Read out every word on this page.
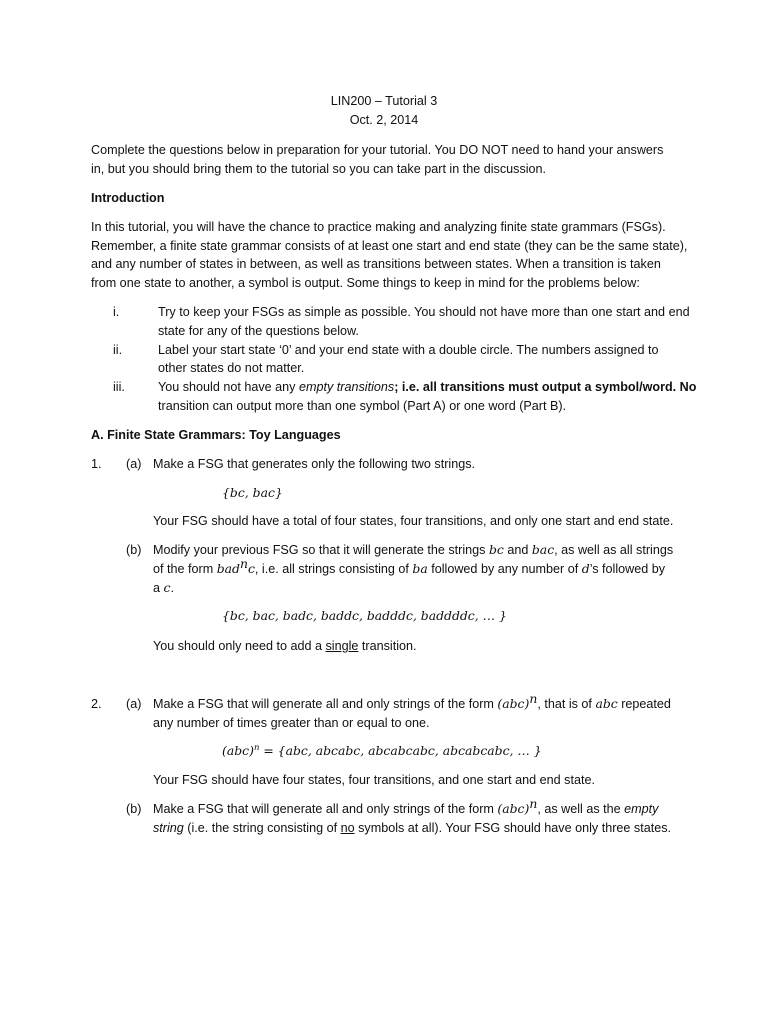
LIN200 – Tutorial 3
Oct. 2, 2014
Complete the questions below in preparation for your tutorial. You DO NOT need to hand your answers
in, but you should bring them to the tutorial so you can take part in the discussion.
Introduction
In this tutorial, you will have the chance to practice making and analyzing finite state grammars (FSGs).
Remember, a finite state grammar consists of at least one start and end state (they can be the same state),
and any number of states in between, as well as transitions between states. When a transition is taken
from one state to another, a symbol is output. Some things to keep in mind for the problems below:
i.	Try to keep your FSGs as simple as possible. You should not have more than one start and end
state for any of the questions below.
ii.	Label your start state ‘0’ and your end state with a double circle. The numbers assigned to
other states do not matter.
iii.	You should not have any empty transitions; i.e. all transitions must output a symbol/word. No
transition can output more than one symbol (Part A) or one word (Part B).
A. Finite State Grammars: Toy Languages
1. (a) Make a FSG that generates only the following two strings.
{bc, bac}
Your FSG should have a total of four states, four transitions, and only one start and end state.
(b) Modify your previous FSG so that it will generate the strings bc and bac, as well as all strings
of the form bad$^n$c, i.e. all strings consisting of ba followed by any number of d’s followed by
a c.
{bc, bac, badc, baddc, badddc, baddddc, … }
You should only need to add a single transition.
2. (a) Make a FSG that will generate all and only strings of the form (abc)$^n$, that is of abc repeated
any number of times greater than or equal to one.
(abc)$^n$ = {abc, abcabc, abcabcabc, abcabcabc, … }
Your FSG should have four states, four transitions, and one start and end state.
(b) Make a FSG that will generate all and only strings of the form (abc)$^n$, as well as the empty
string (i.e. the string consisting of no symbols at all). Your FSG should have only three states.
